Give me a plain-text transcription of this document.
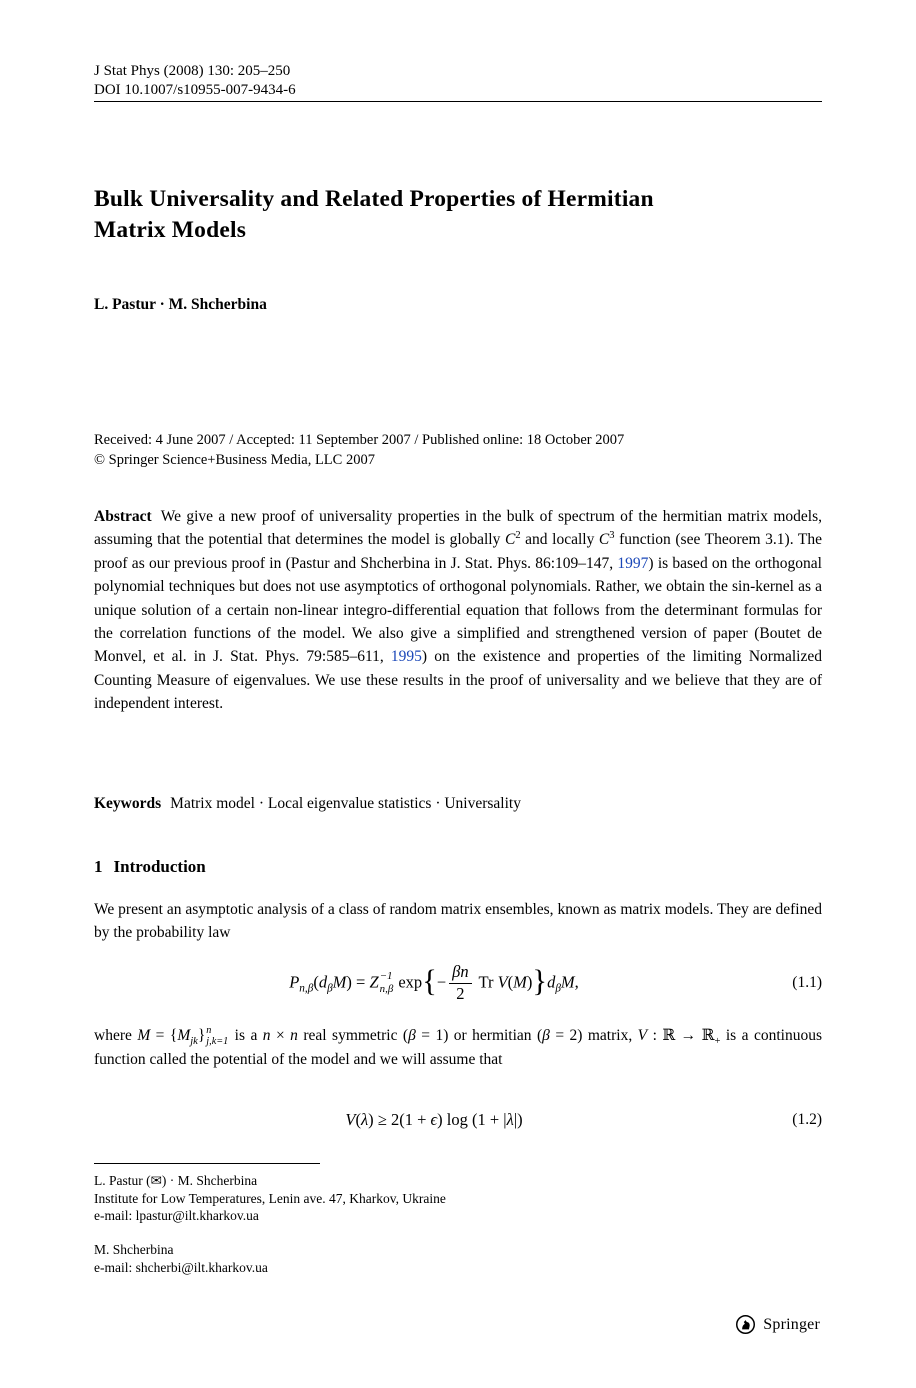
J Stat Phys (2008) 130: 205–250
DOI 10.1007/s10955-007-9434-6
Bulk Universality and Related Properties of Hermitian
Matrix Models
L. Pastur · M. Shcherbina
Received: 4 June 2007 / Accepted: 11 September 2007 / Published online: 18 October 2007
© Springer Science+Business Media, LLC 2007

Abstract We give a new proof of universality properties in the bulk of spectrum of the hermitian matrix models, assuming that the potential that determines the model is globally $C^2$ and locally $C^3$ function (see Theorem 3.1). The proof as our previous proof in (Pastur and Shcherbina in J. Stat. Phys. 86:109–147, 1997) is based on the orthogonal polynomial techniques but does not use asymptotics of orthogonal polynomials. Rather, we obtain the sin-kernel as a unique solution of a certain non-linear integro-differential equation that follows from the determinant formulas for the correlation functions of the model. We also give a simplified and strengthened version of paper (Boutet de Monvel, et al. in J. Stat. Phys. 79:585–611, 1995) on the existence and properties of the limiting Normalized Counting Measure of eigenvalues. We use these results in the proof of universality and we believe that they are of independent interest.

Keywords Matrix model · Local eigenvalue statistics · Universality
1 Introduction

We present an asymptotic analysis of a class of random matrix ensembles, known as matrix models. They are defined by the probability law

$P_{n,\beta}(d_\beta M) = Z -1$
n,β $\exp\{- \frac{\beta n}{2}$ Tr $V(M)\}d_\beta M$,	(1.1)

where $M = \{M_{jk}\}$ n
j,k=1 is a n × n real symmetric (β = 1) or hermitian (β = 2) matrix, V : ℝ → ℝ$_+$ is a continuous function called the potential of the model and we will assume that

V(λ) ≥ 2(1 + ϵ) log (1 + |λ|)	(1.2)
L. Pastur (✉) · M. Shcherbina
Institute for Low Temperatures, Lenin ave. 47, Kharkov, Ukraine
e-mail: lpastur@ilt.kharkov.ua
M. Shcherbina
e-mail: shcherbi@ilt.kharkov.ua
Springer
